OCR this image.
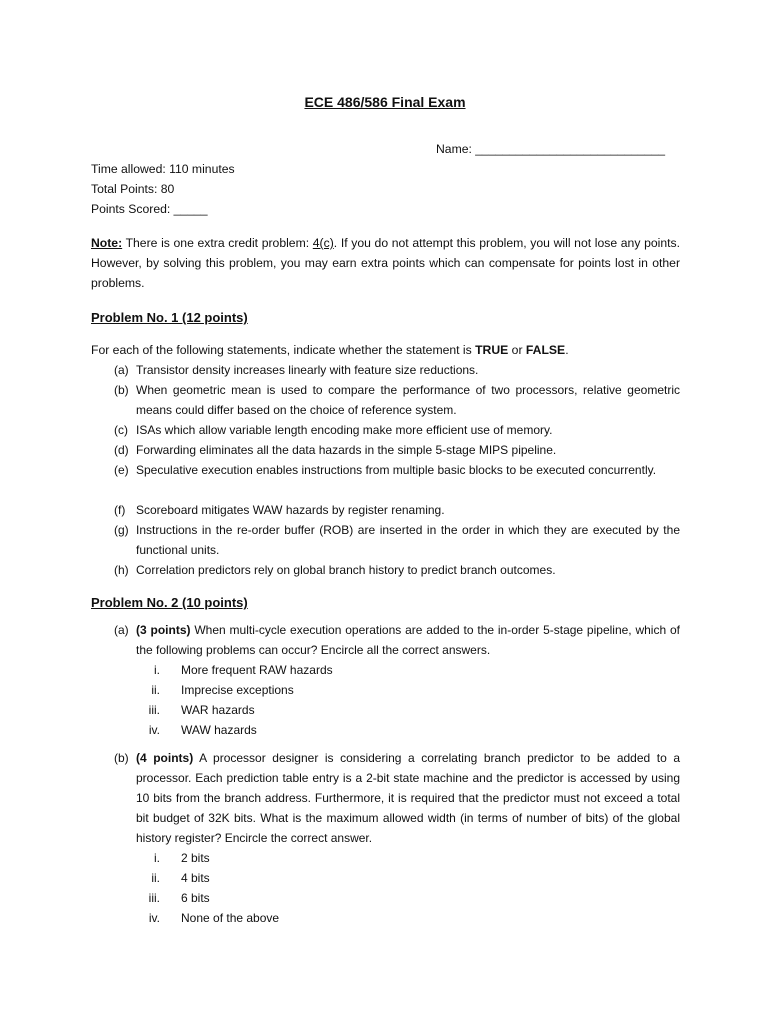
ECE 486/586 Final Exam
Name: ____________________________
Time allowed: 110 minutes
Total Points: 80
Points Scored: _____
Note: There is one extra credit problem: 4(c). If you do not attempt this problem, you will not lose any points. However, by solving this problem, you may earn extra points which can compensate for points lost in other problems.
Problem No. 1 (12 points)
For each of the following statements, indicate whether the statement is TRUE or FALSE.
(a) Transistor density increases linearly with feature size reductions.
(b) When geometric mean is used to compare the performance of two processors, relative geometric means could differ based on the choice of reference system.
(c) ISAs which allow variable length encoding make more efficient use of memory.
(d) Forwarding eliminates all the data hazards in the simple 5-stage MIPS pipeline.
(e) Speculative execution enables instructions from multiple basic blocks to be executed concurrently.
(f) Scoreboard mitigates WAW hazards by register renaming.
(g) Instructions in the re-order buffer (ROB) are inserted in the order in which they are executed by the functional units.
(h) Correlation predictors rely on global branch history to predict branch outcomes.
Problem No. 2 (10 points)
(a) (3 points) When multi-cycle execution operations are added to the in-order 5-stage pipeline, which of the following problems can occur? Encircle all the correct answers.
i. More frequent RAW hazards
ii. Imprecise exceptions
iii. WAR hazards
iv. WAW hazards
(b) (4 points) A processor designer is considering a correlating branch predictor to be added to a processor. Each prediction table entry is a 2-bit state machine and the predictor is accessed by using 10 bits from the branch address. Furthermore, it is required that the predictor must not exceed a total bit budget of 32K bits. What is the maximum allowed width (in terms of number of bits) of the global history register? Encircle the correct answer.
i. 2 bits
ii. 4 bits
iii. 6 bits
iv. None of the above
